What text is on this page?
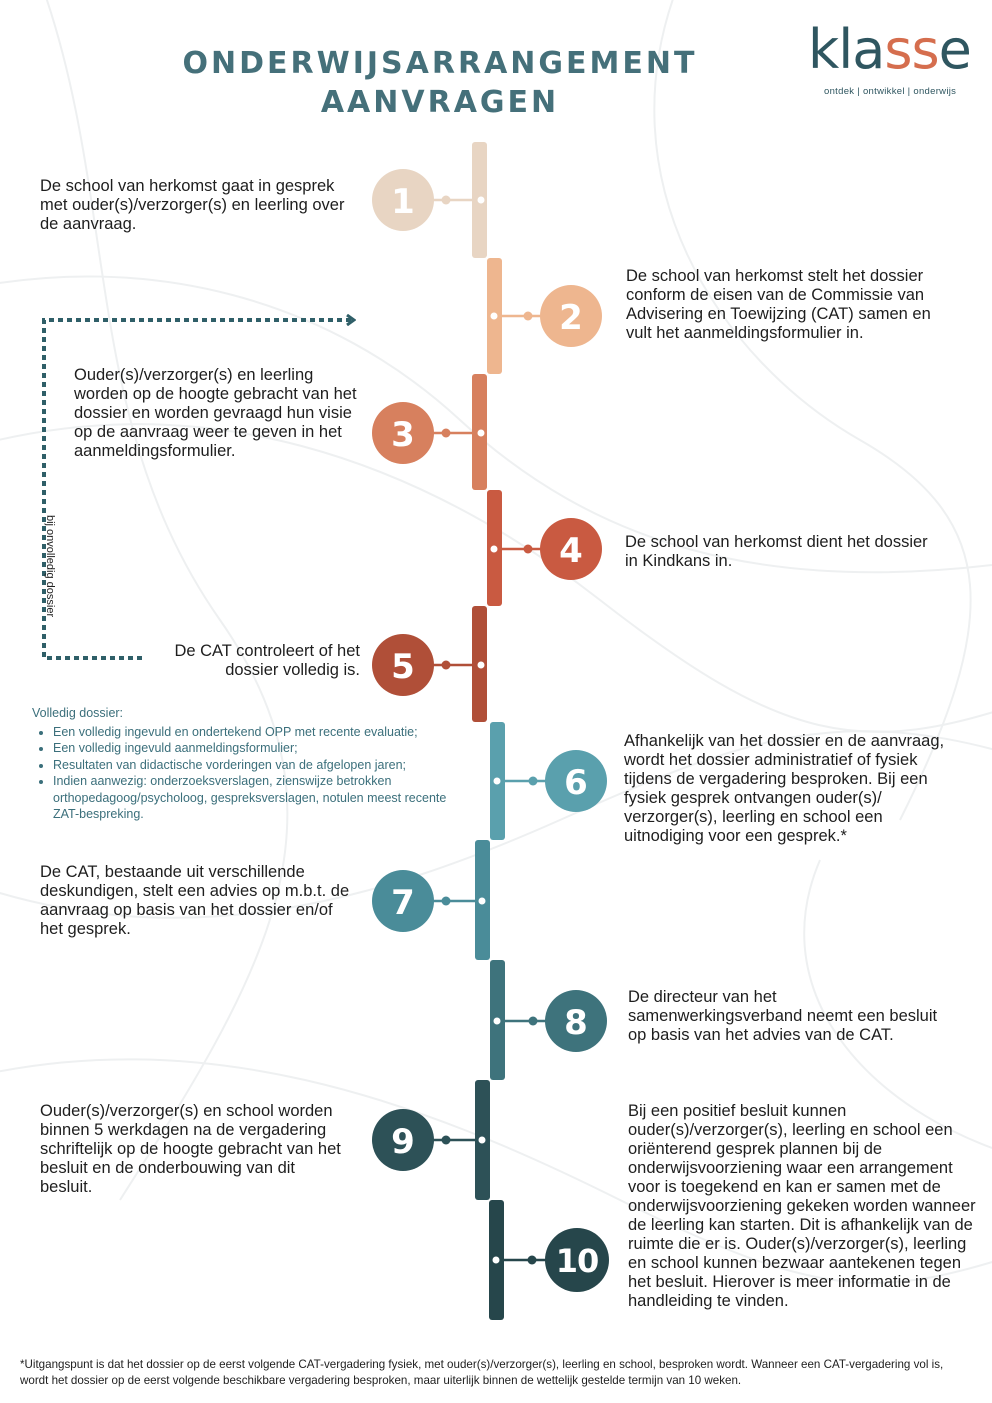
ONDERWIJSARRANGEMENT
AANVRAGEN
klasse
ontdek | ontwikkel | onderwijs
1
2
3
4
5
6
7
8
9
10
De school van herkomst gaat in gesprek met ouder(s)/verzorger(s) en leerling over de aanvraag.
De school van herkomst stelt het dossier conform de eisen van de Commissie van Advisering en Toewijzing (CAT) samen en vult het aanmeldingsformulier in.
Ouder(s)/verzorger(s) en leerling worden op de hoogte gebracht van het dossier en worden gevraagd hun visie op de aanvraag weer te geven in het aanmeldingsformulier.
De school van herkomst dient het dossier in Kindkans in.
De CAT controleert of het dossier volledig is.
Afhankelijk van het dossier en de aanvraag, wordt het dossier administratief of fysiek tijdens de vergadering besproken. Bij een fysiek gesprek ontvangen ouder(s)/ verzorger(s), leerling en school een uitnodiging voor een gesprek.*
De CAT, bestaande uit verschillende deskundigen, stelt een advies op m.b.t. de aanvraag op basis van het dossier en/of het gesprek.
De directeur van het samenwerkingsverband neemt een besluit op basis van het advies van de CAT.
Ouder(s)/verzorger(s) en school worden binnen 5 werkdagen na de vergadering schriftelijk op de hoogte gebracht van het besluit en de onderbouwing van dit besluit.
Bij een positief besluit kunnen ouder(s)/verzorger(s), leerling en school een oriënterend gesprek plannen bij de onderwijsvoorziening waar een arrangement voor is toegekend en kan er samen met de onderwijsvoorziening gekeken worden wanneer de leerling kan starten. Dit is afhankelijk van de ruimte die er is. Ouder(s)/verzorger(s), leerling en school kunnen bezwaar aantekenen tegen het besluit. Hierover is meer informatie in de handleiding te vinden.
bij onvolledig dossier
Volledig dossier:
• Een volledig ingevuld en ondertekend OPP met recente evaluatie;
• Een volledig ingevuld aanmeldingsformulier;
• Resultaten van didactische vorderingen van de afgelopen jaren;
• Indien aanwezig: onderzoeksverslagen, zienswijze betrokken orthopedagoog/psycholoog, gespreksverslagen, notulen meest recente ZAT-bespreking.
*Uitgangspunt is dat het dossier op de eerst volgende CAT-vergadering fysiek, met ouder(s)/verzorger(s), leerling en school, besproken wordt. Wanneer een CAT-vergadering vol is, wordt het dossier op de eerst volgende beschikbare vergadering besproken, maar uiterlijk binnen de wettelijk gestelde termijn van 10 weken.
